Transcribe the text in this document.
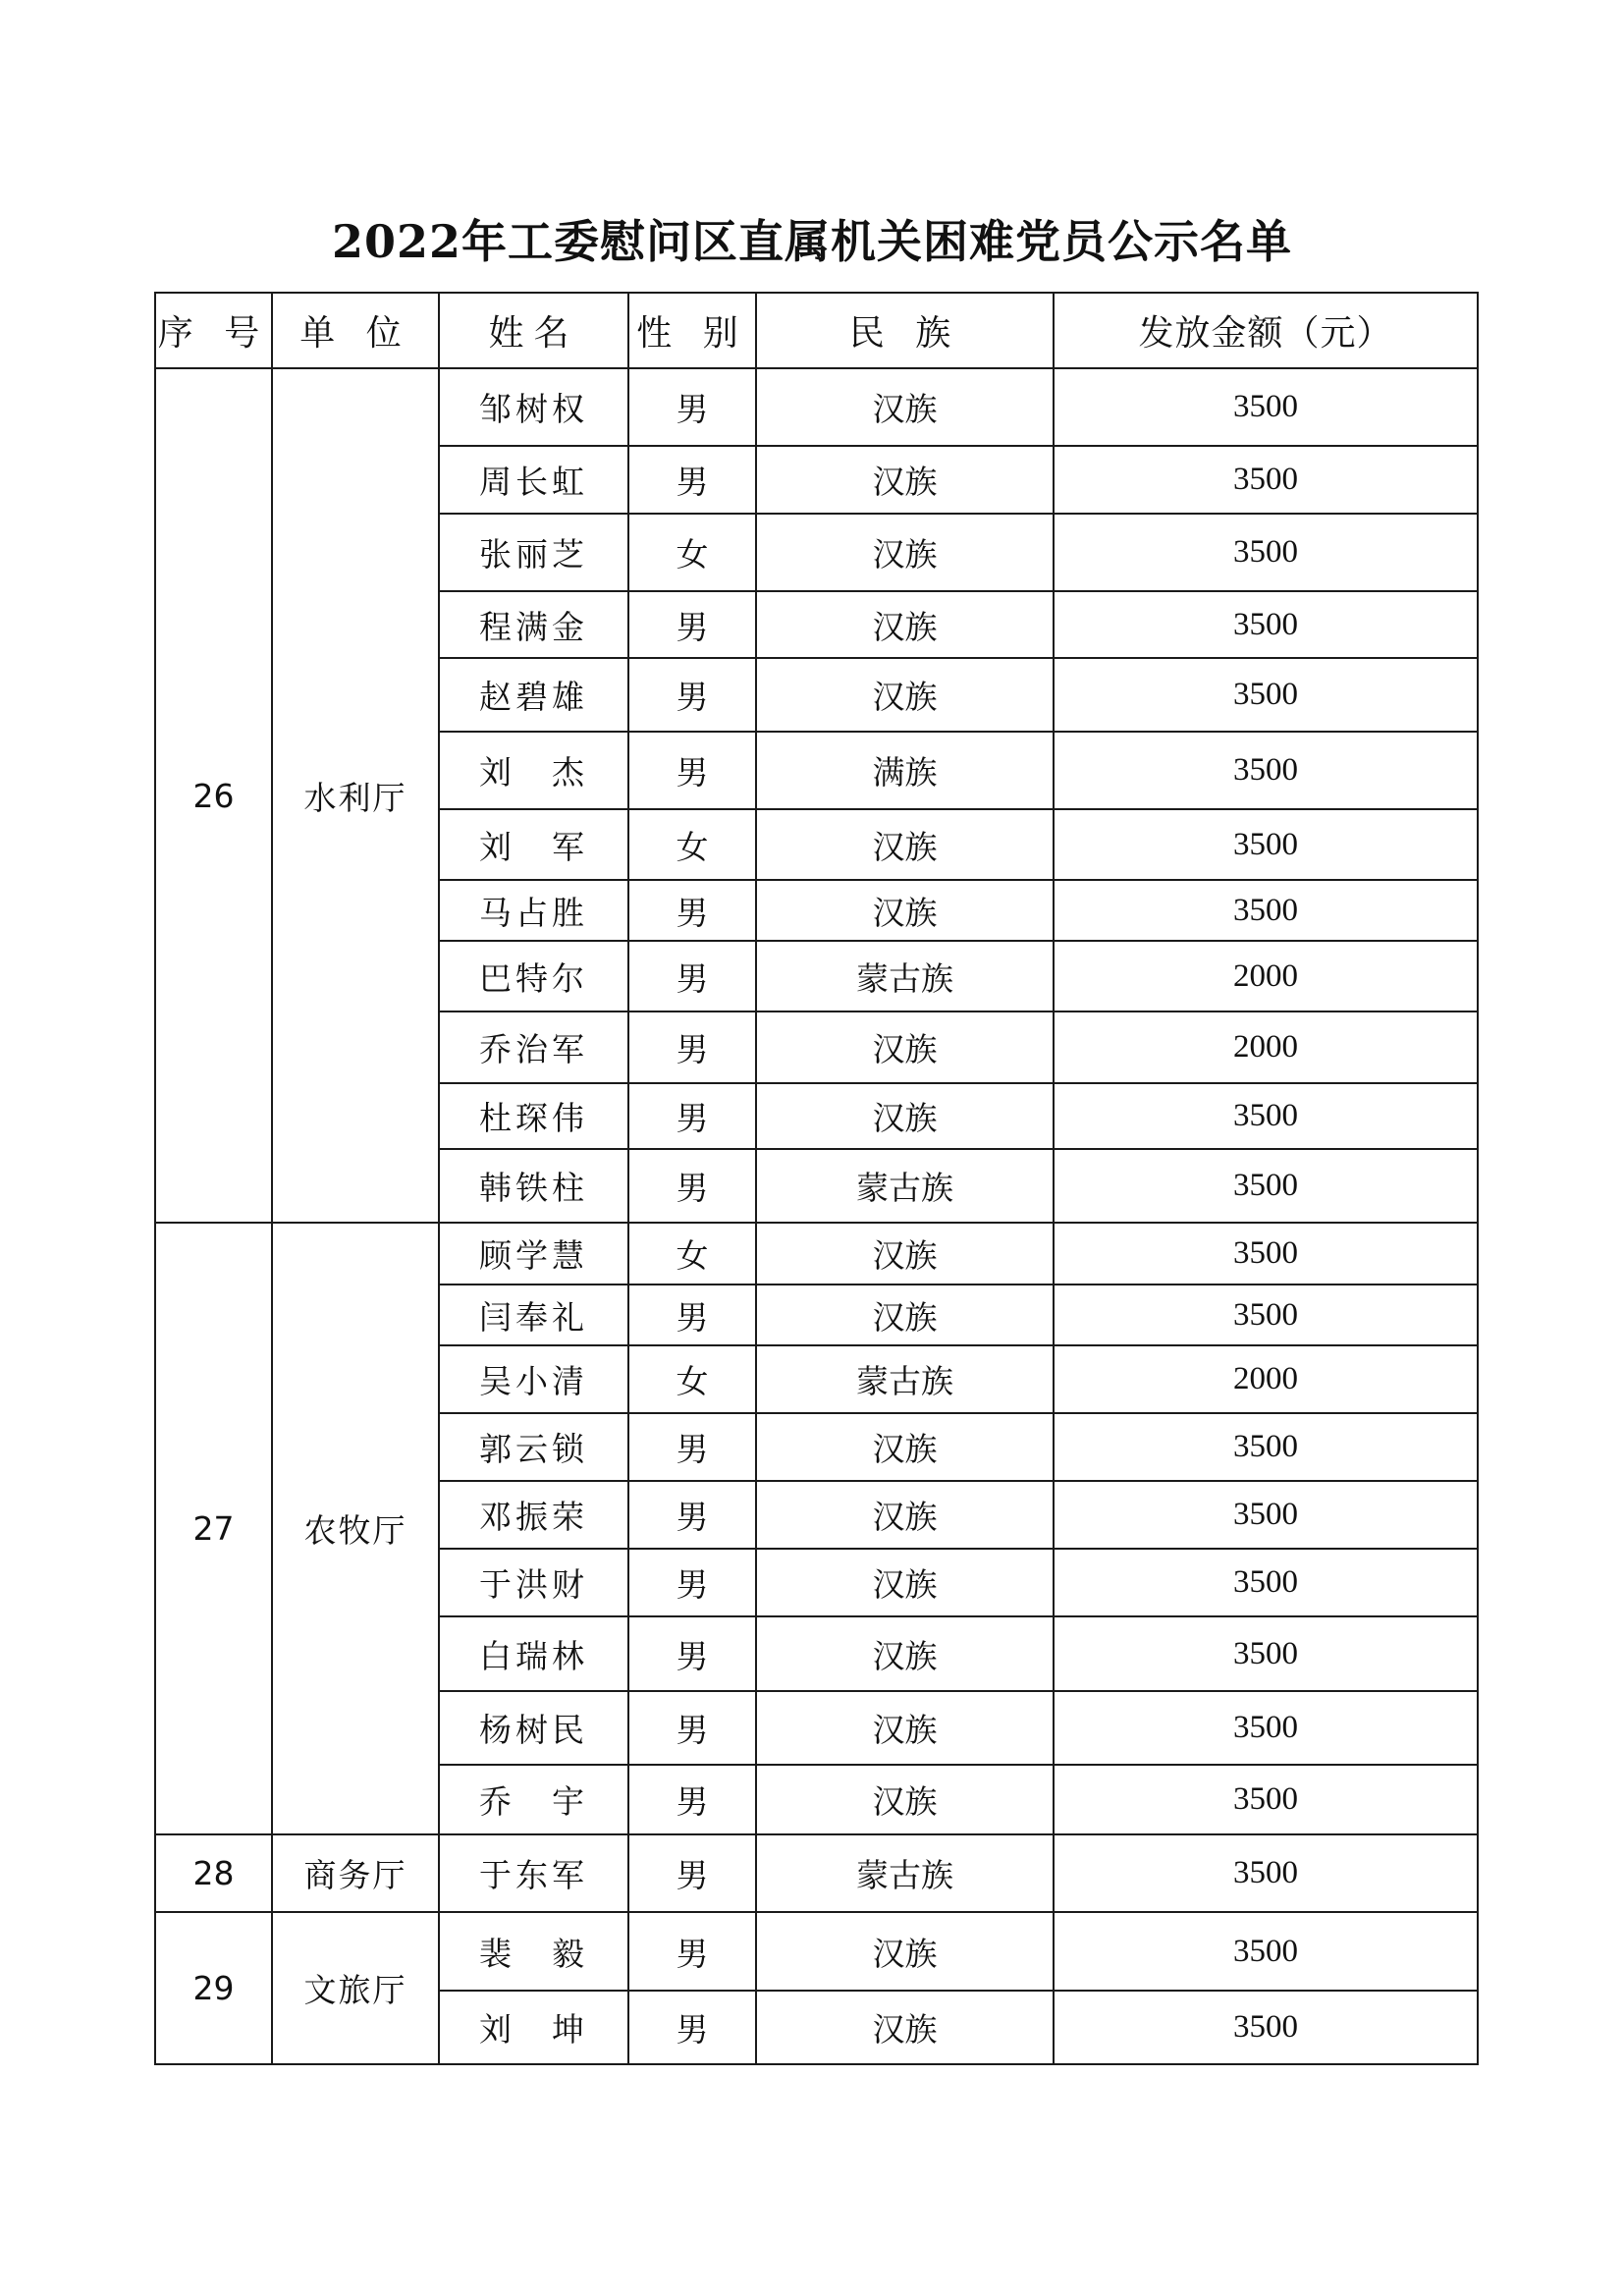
2022年工委慰问区直属机关困难党员公示名单
序 号	单 位	姓名	性 别	民 族	发放金额（元）
26	水利厅	邹树权	男	汉族	3500
		周长虹	男	汉族	3500
		张丽芝	女	汉族	3500
		程满金	男	汉族	3500
		赵碧雄	男	汉族	3500
		刘　杰	男	满族	3500
		刘　军	女	汉族	3500
		马占胜	男	汉族	3500
		巴特尔	男	蒙古族	2000
		乔治军	男	汉族	2000
		杜琛伟	男	汉族	3500
		韩铁柱	男	蒙古族	3500
27	农牧厅	顾学慧	女	汉族	3500
		闫奉礼	男	汉族	3500
		吴小清	女	蒙古族	2000
		郭云锁	男	汉族	3500
		邓振荣	男	汉族	3500
		于洪财	男	汉族	3500
		白瑞林	男	汉族	3500
		杨树民	男	汉族	3500
		乔　宇	男	汉族	3500
28	商务厅	于东军	男	蒙古族	3500
29	文旅厅	裴　毅	男	汉族	3500
		刘　坤	男	汉族	3500
